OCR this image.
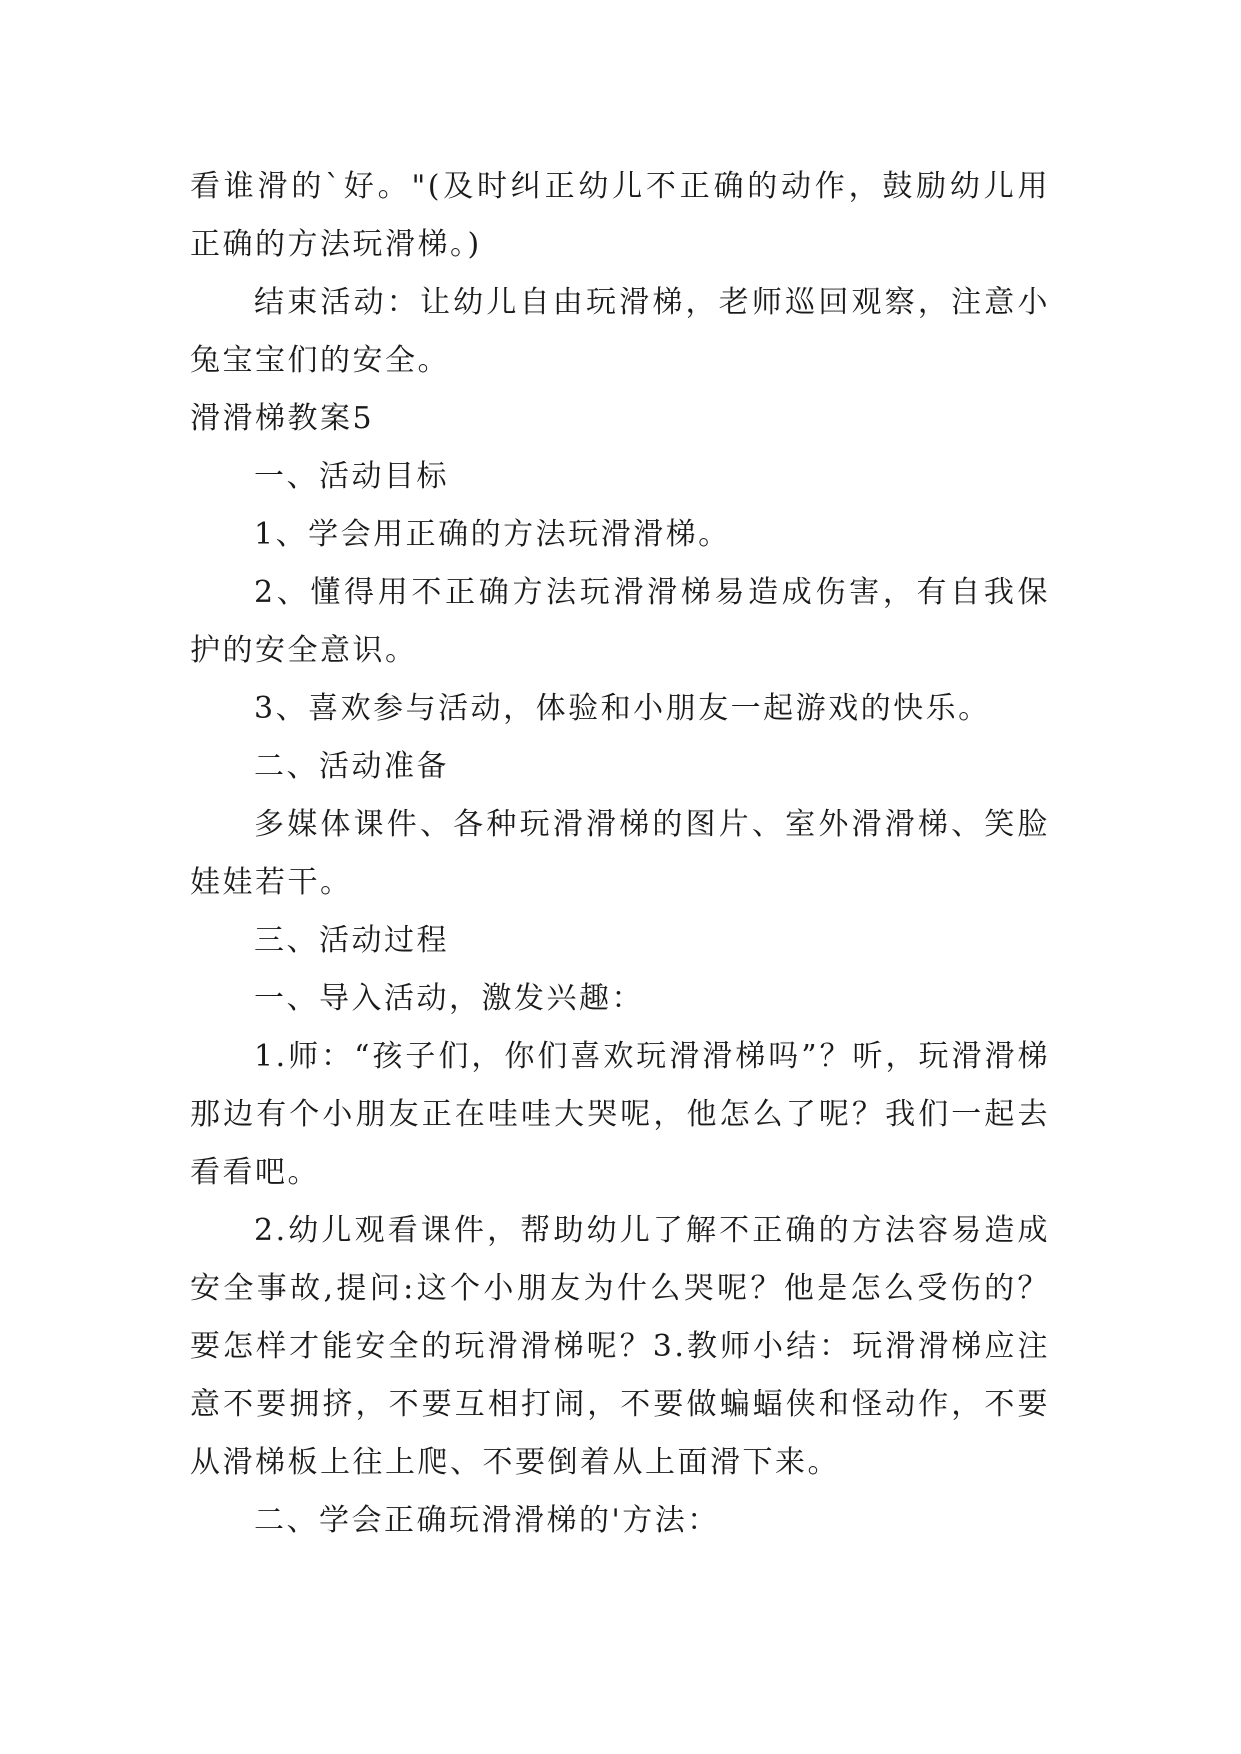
看谁滑的`好。"(及时纠正幼儿不正确的动作，鼓励幼儿用正确的方法玩滑梯。)

结束活动：让幼儿自由玩滑梯，老师巡回观察，注意小兔宝宝们的安全。

滑滑梯教案5

一、活动目标

1、学会用正确的方法玩滑滑梯。

2、懂得用不正确方法玩滑滑梯易造成伤害，有自我保护的安全意识。

3、喜欢参与活动，体验和小朋友一起游戏的快乐。

二、活动准备

多媒体课件、各种玩滑滑梯的图片、室外滑滑梯、笑脸娃娃若干。

三、活动过程

一、导入活动，激发兴趣：

1.师：“孩子们，你们喜欢玩滑滑梯吗”？听，玩滑滑梯那边有个小朋友正在哇哇大哭呢，他怎么了呢？我们一起去看看吧。

2.幼儿观看课件，帮助幼儿了解不正确的方法容易造成安全事故,提问:这个小朋友为什么哭呢？他是怎么受伤的？要怎样才能安全的玩滑滑梯呢？3.教师小结：玩滑滑梯应注意不要拥挤，不要互相打闹，不要做蝙蝠侠和怪动作，不要从滑梯板上往上爬、不要倒着从上面滑下来。

二、学会正确玩滑滑梯的'方法：
